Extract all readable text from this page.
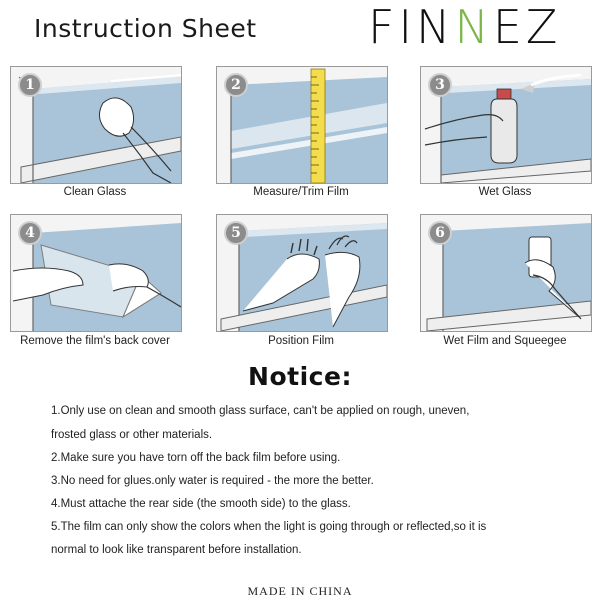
Instruction Sheet FINNEZ
1
Clean Glass
2
Measure/Trim Film
3
Wet Glass
4
Remove the film's back cover
5
Position Film
6
Wet Film and Squeegee
Notice:
1.Only use on clean and smooth glass surface, can't be applied on rough, uneven,
frosted glass or other materials.
2.Make sure you have torn off the back film before using.
3.No need for glues.only water is required - the more the better.
4.Must attache the rear side (the smooth side) to the glass.
5.The film can only show the colors when the light is going through or reflected,so it is
normal to look like transparent before installation.
MADE IN CHINA
